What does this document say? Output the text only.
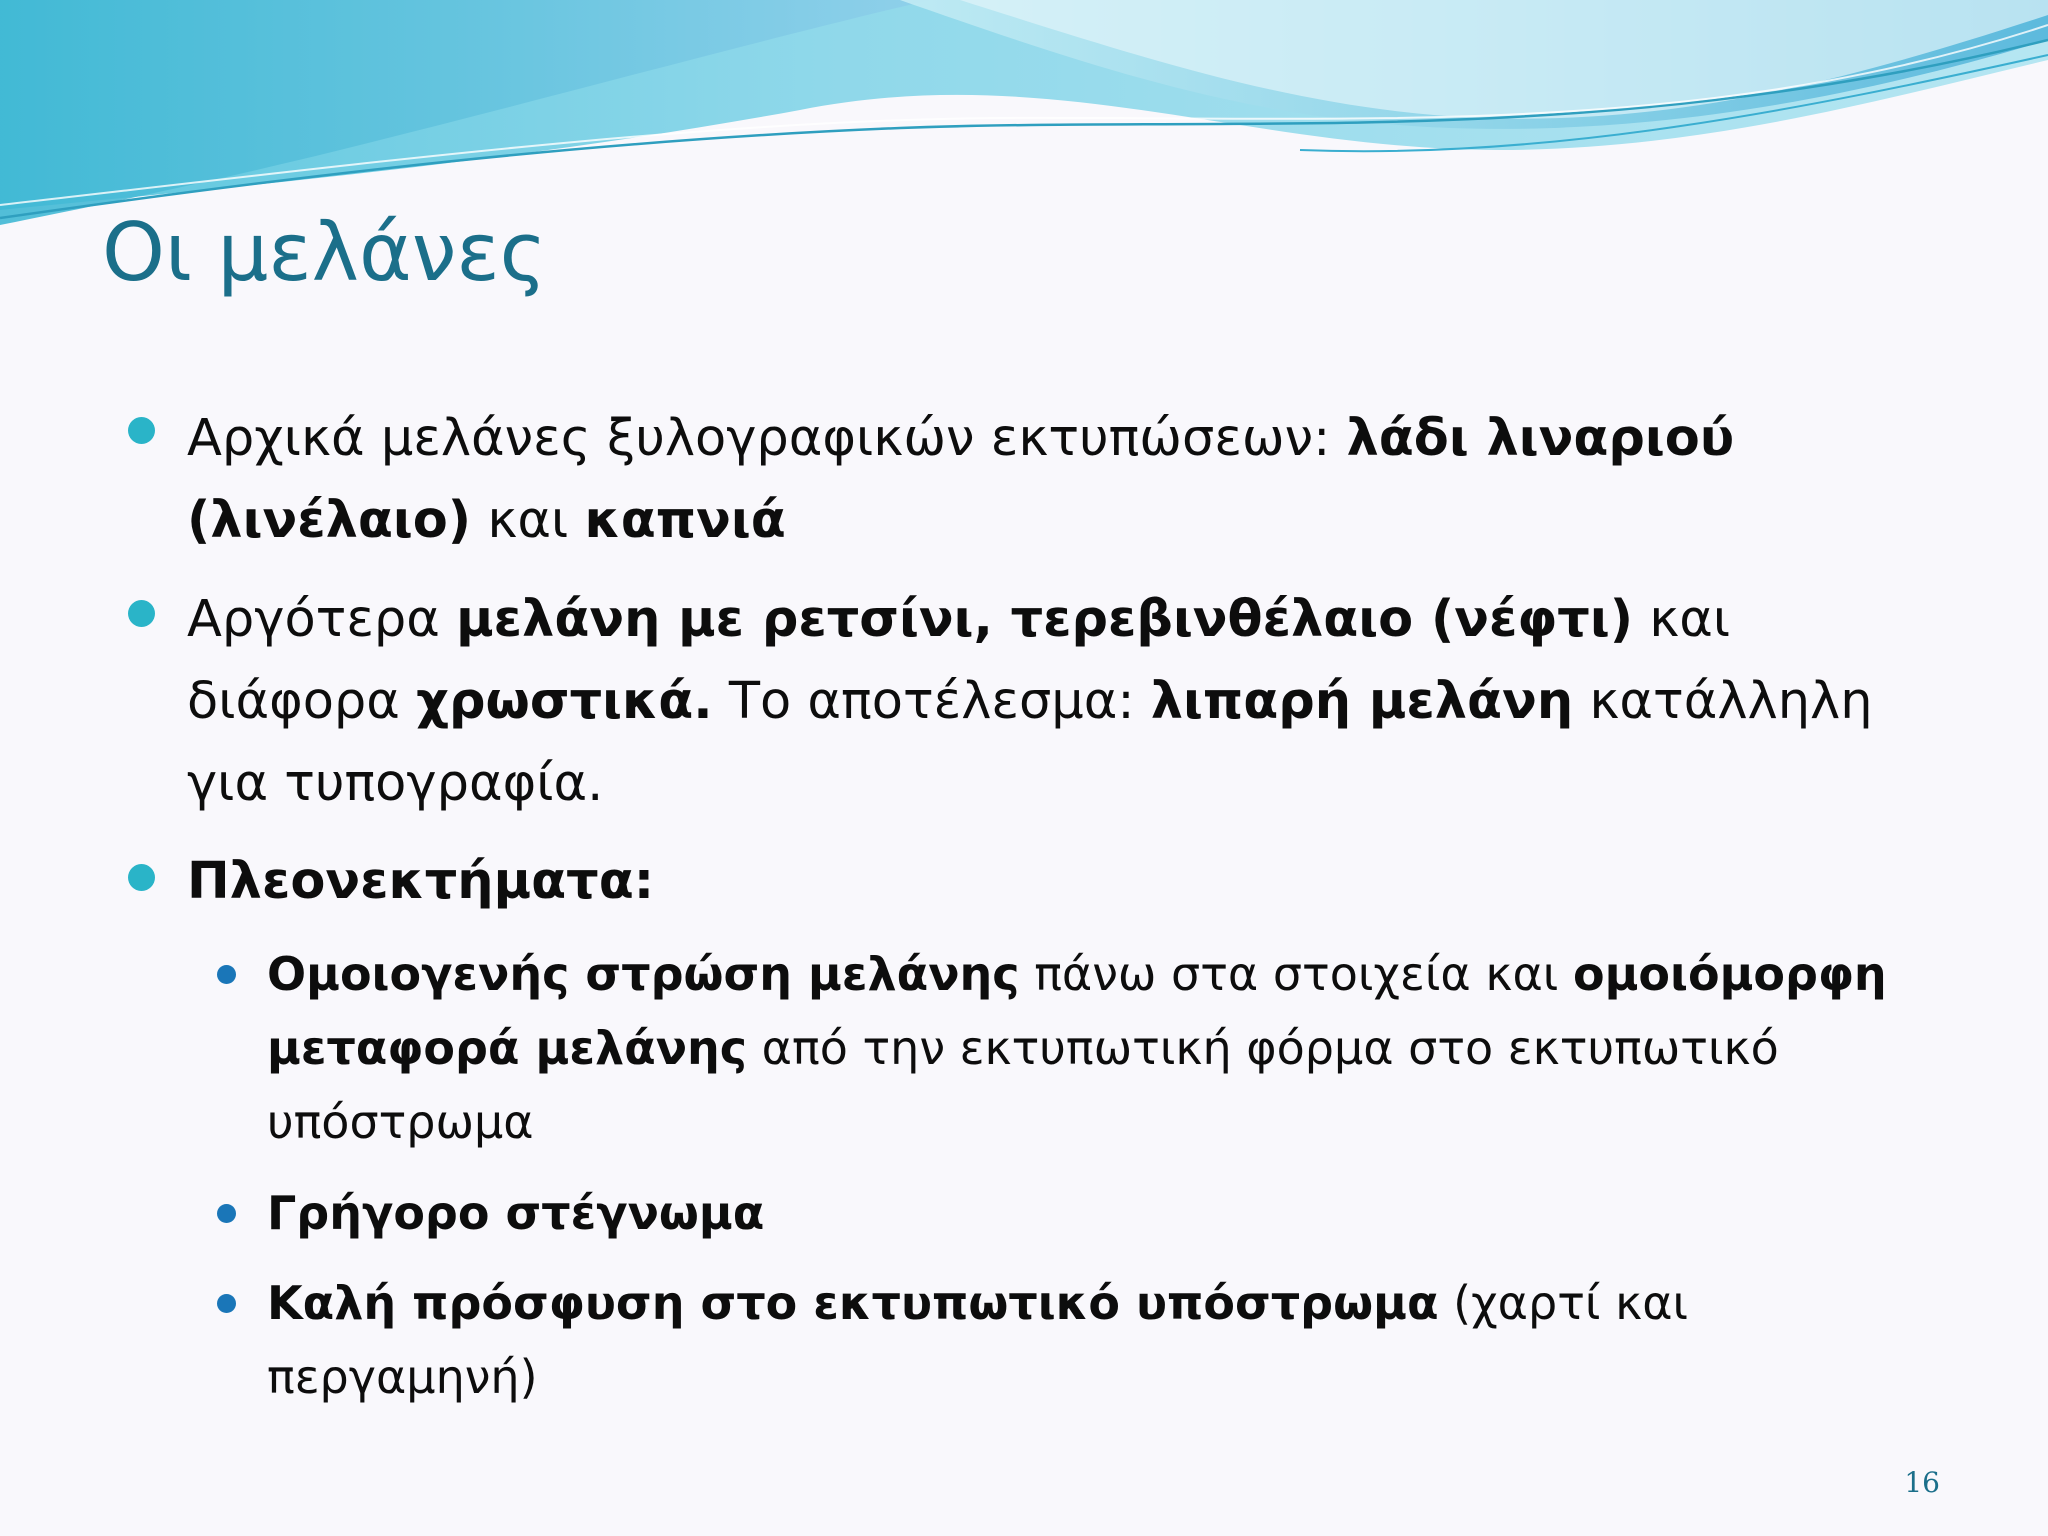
Οι μελάνες

Αρχικά μελάνες ξυλογραφικών εκτυπώσεων: λάδι λιναριού (λινέλαιο) και καπνιά

Αργότερα μελάνη με ρετσίνι, τερεβινθέλαιο (νέφτι) και διάφορα χρωστικά. Το αποτέλεσμα: λιπαρή μελάνη κατάλληλη για τυπογραφία.

Πλεονεκτήματα:

Ομοιογενής στρώση μελάνης πάνω στα στοιχεία και ομοιόμορφη μεταφορά μελάνης από την εκτυπωτική φόρμα στο εκτυπωτικό υπόστρωμα

Γρήγορο στέγνωμα

Καλή πρόσφυση στο εκτυπωτικό υπόστρωμα (χαρτί και περγαμηνή)

16
